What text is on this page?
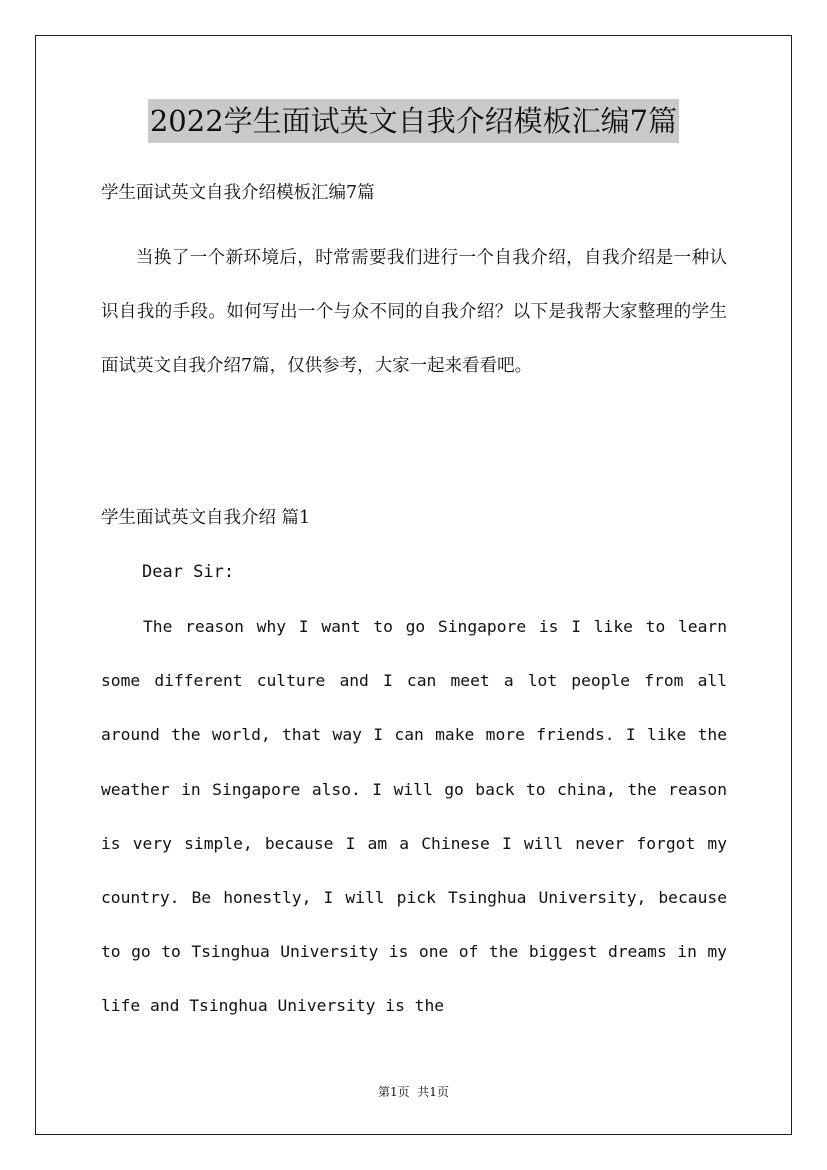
2022学生面试英文自我介绍模板汇编7篇
学生面试英文自我介绍模板汇编7篇

当换了一个新环境后，时常需要我们进行一个自我介绍，自我介绍是一种认识自我的手段。如何写出一个与众不同的自我介绍？以下是我帮大家整理的学生面试英文自我介绍7篇，仅供参考，大家一起来看看吧。

学生面试英文自我介绍 篇1
Dear Sir:

The reason why I want to go Singapore is I like to learn some different culture and I can meet a lot people from all around the world, that way I can make more friends. I like the weather in Singapore also. I will go back to china, the reason is very simple, because I am a Chinese I will never forgot my country. Be honestly, I will pick Tsinghua University, because to go to Tsinghua University is one of the biggest dreams in my life and Tsinghua University is the

第1页  共1页
